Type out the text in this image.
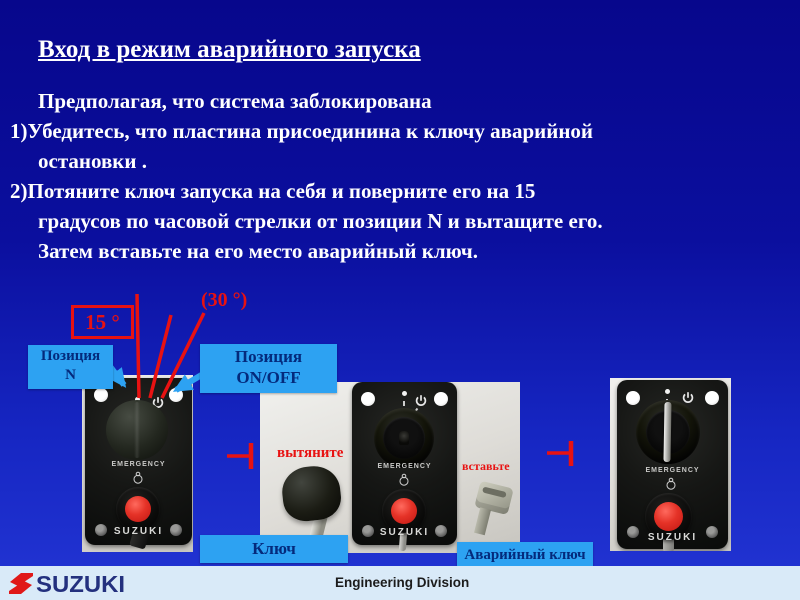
Вход в режим аварийного запуска
Предполагая, что система заблокирована
1)Убедитесь, что пластина присоединина к ключу аварийной
остановки .
2)Потяните ключ запуска на себя и поверните его на 15
градусов по часовой стрелки от позиции N и вытащите его.
Затем вставьте на его место аварийный ключ.
EMERGENCY
SUZUKI
EMERGENCY
SUZUKI
EMERGENCY
SUZUKI
15 °
(30 °)
вытяните
вставьте
Позиция
N
Позиция
ON/OFF
Ключ	Аварийный ключ
SUZUKI	Engineering Division
